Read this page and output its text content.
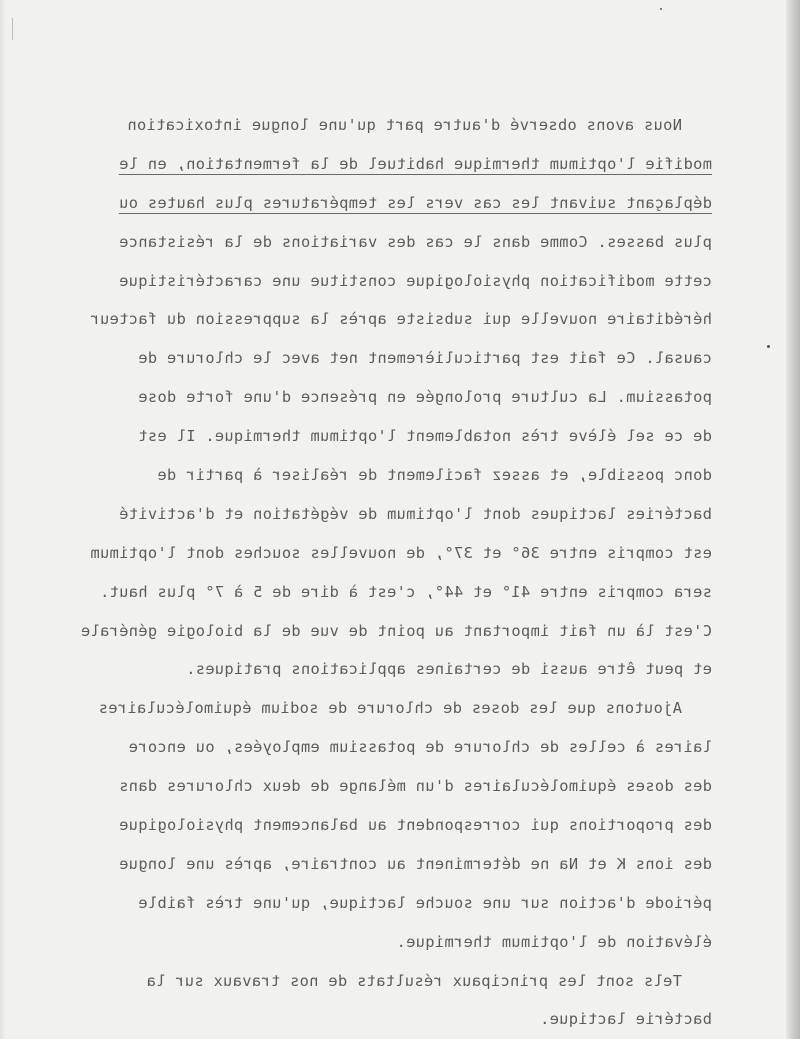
Nous avons observé d'autre part qu'une longue intoxication
modifie l'optimum thermique habituel de la fermentation, en le
déplaçant suivant les cas vers les températures plus hautes ou
plus basses. Comme dans le cas des variations de la résistance
cette modification physiologique constitue une caractéristique
héréditaire nouvelle qui subsiste après la suppression du facteur
causal. Ce fait est particulièrement net avec le chlorure de
potassium. La culture prolongée en présence d'une forte dose
de ce sel élève très notablement l'optimum thermique. Il est
donc possible, et assez facilement de réaliser à partir de
bactéries lactiques dont l'optimum de végétation et d'activité
est compris entre 36° et 37°, de nouvelles souches dont l'optimum
sera compris entre 41° et 44°, c'est à dire de 5 à 7° plus haut.
C'est là un fait important au point de vue de la biologie générale
et peut être aussi de certaines applications pratiques.
Ajoutons que les doses de chlorure de sodium équimoléculaires
laires à celles de chlorure de potassium employées, ou encore
des doses équimoléculaires d'un mélange de deux chlorures dans
des proportions qui correspondent au balancement physiologique
des ions K et Na ne déterminent au contraire, après une longue
période d'action sur une souche lactique, qu'une très faible
élévation de l'optimum thermique.
Tels sont les principaux résultats de nos travaux sur la
bactérie lactique.
